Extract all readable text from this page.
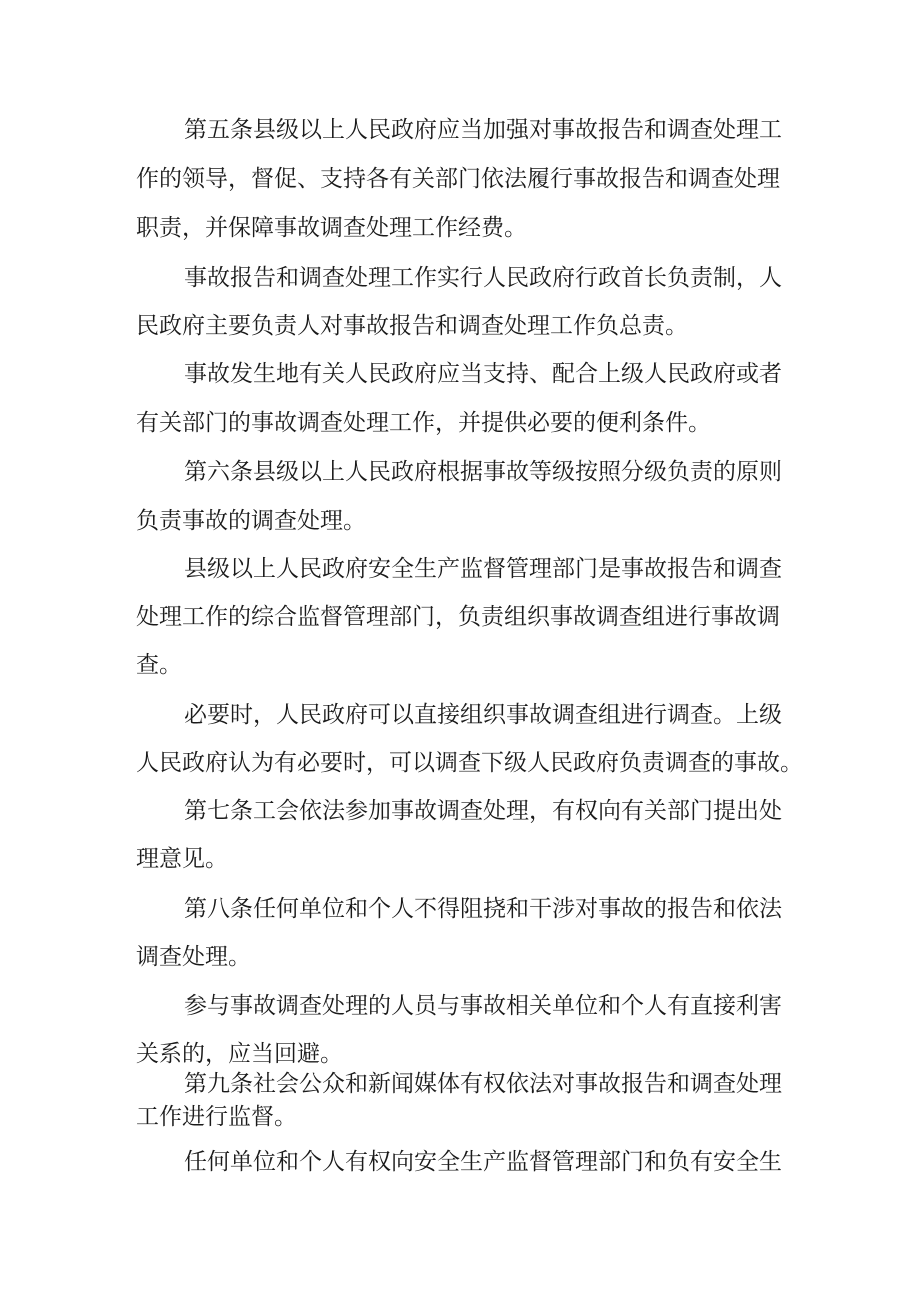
第五条县级以上人民政府应当加强对事故报告和调查处理工
作的领导，督促、支持各有关部门依法履行事故报告和调查处理
职责，并保障事故调查处理工作经费。
事故报告和调查处理工作实行人民政府行政首长负责制，人
民政府主要负责人对事故报告和调查处理工作负总责。
事故发生地有关人民政府应当支持、配合上级人民政府或者
有关部门的事故调查处理工作，并提供必要的便利条件。
第六条县级以上人民政府根据事故等级按照分级负责的原则
负责事故的调查处理。
县级以上人民政府安全生产监督管理部门是事故报告和调查
处理工作的综合监督管理部门，负责组织事故调查组进行事故调
查。
必要时，人民政府可以直接组织事故调查组进行调查。上级
人民政府认为有必要时，可以调查下级人民政府负责调查的事故。
第七条工会依法参加事故调查处理，有权向有关部门提出处
理意见。
第八条任何单位和个人不得阻挠和干涉对事故的报告和依法
调查处理。
参与事故调查处理的人员与事故相关单位和个人有直接利害
关系的，应当回避。
第九条社会公众和新闻媒体有权依法对事故报告和调查处理
工作进行监督。
任何单位和个人有权向安全生产监督管理部门和负有安全生
